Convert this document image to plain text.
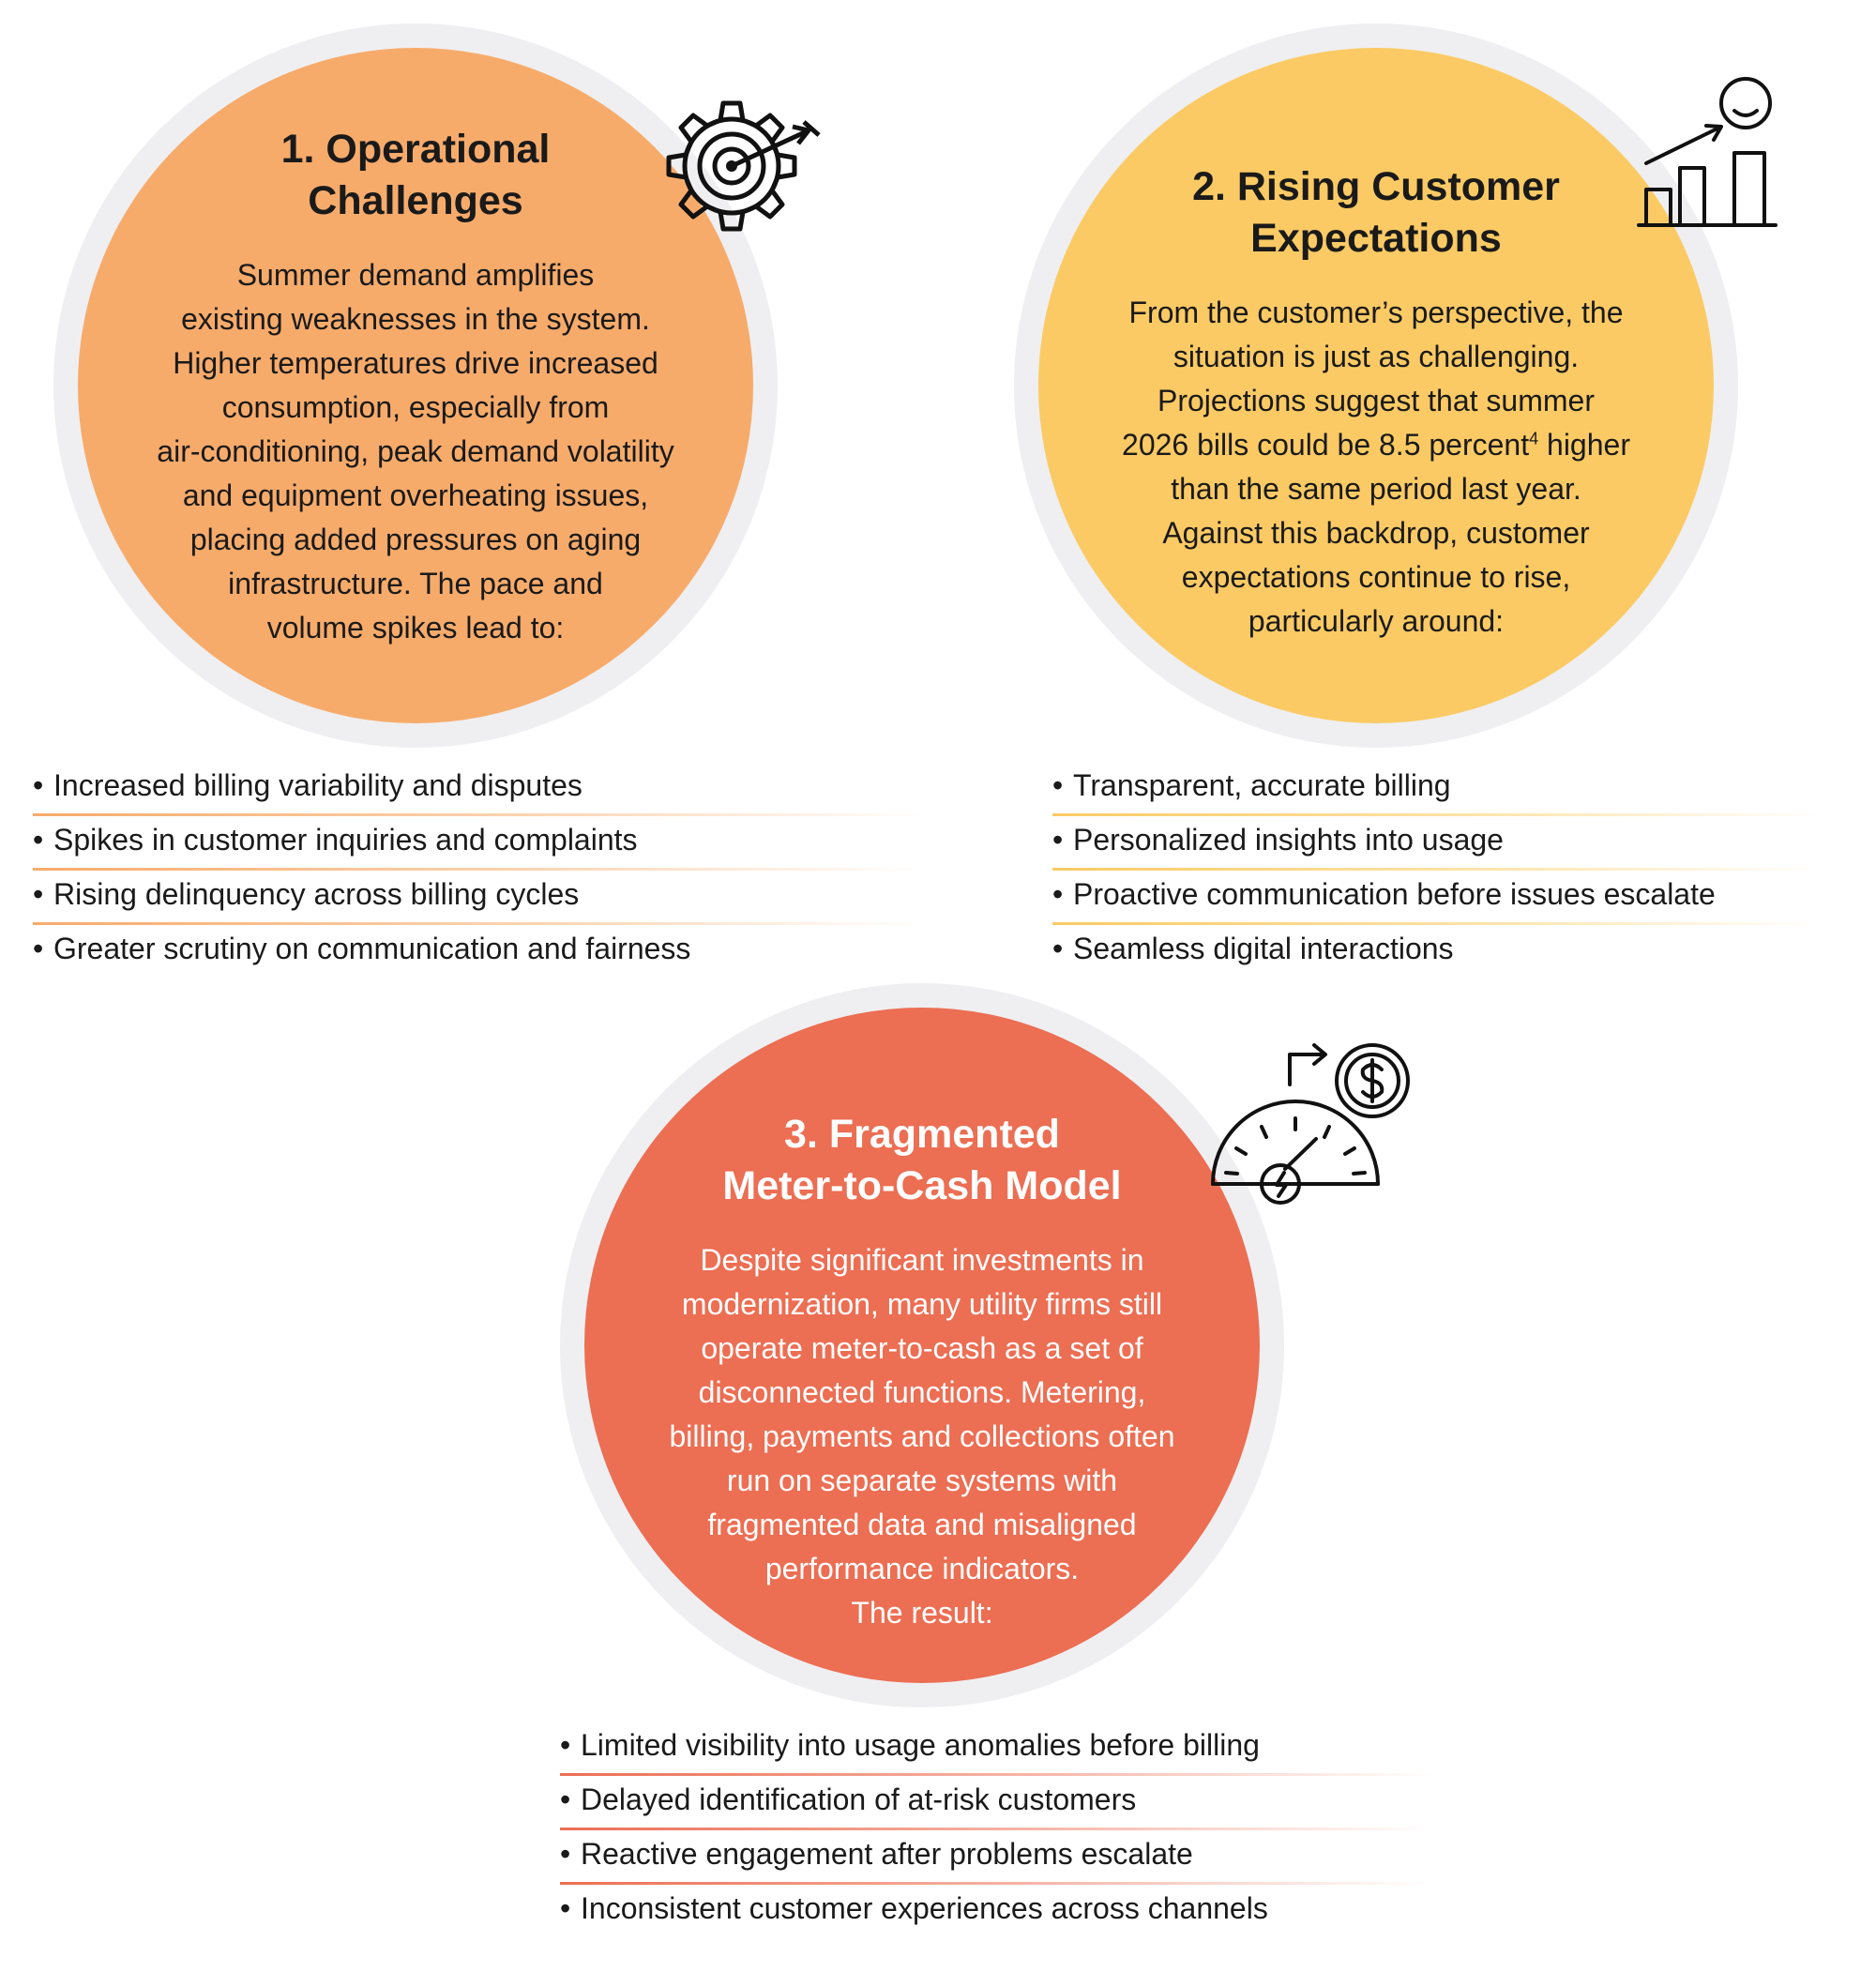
1. Operational
Challenges
Summer demand amplifies
existing weaknesses in the system.
Higher temperatures drive increased
consumption, especially from
air-conditioning, peak demand volatility
and equipment overheating issues,
placing added pressures on aging
infrastructure. The pace and
volume spikes lead to:
• Increased billing variability and disputes
• Spikes in customer inquiries and complaints
• Rising delinquency across billing cycles
• Greater scrutiny on communication and fairness
2. Rising Customer
Expectations
From the customer’s perspective, the
situation is just as challenging.
Projections suggest that summer
2026 bills could be 8.5 percent$^4$ higher
than the same period last year.
Against this backdrop, customer
expectations continue to rise,
particularly around:
• Transparent, accurate billing
• Personalized insights into usage
• Proactive communication before issues escalate
• Seamless digital interactions
3. Fragmented
Meter-to-Cash Model
Despite significant investments in
modernization, many utility firms still
operate meter-to-cash as a set of
disconnected functions. Metering,
billing, payments and collections often
run on separate systems with
fragmented data and misaligned
performance indicators.
The result:
• Limited visibility into usage anomalies before billing
• Delayed identification of at-risk customers
• Reactive engagement after problems escalate
• Inconsistent customer experiences across channels
